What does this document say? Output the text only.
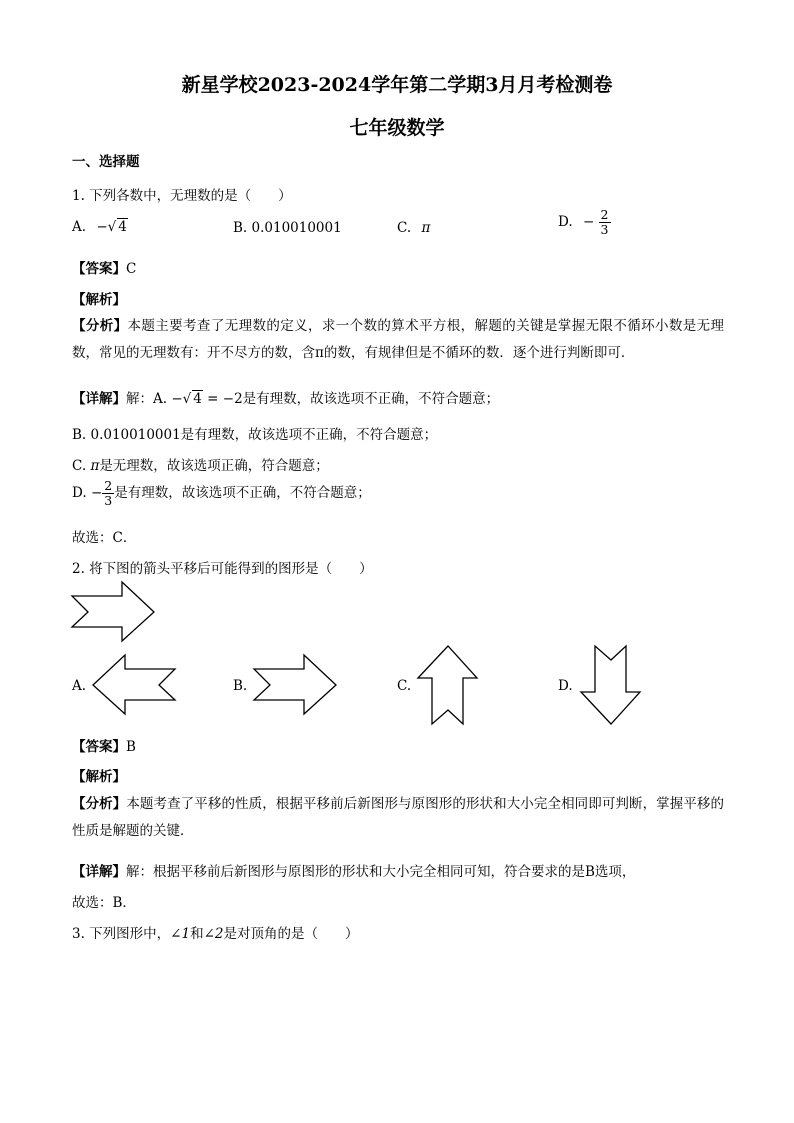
新星学校2023-2024学年第二学期3月月考检测卷
七年级数学
一、选择题
1. 下列各数中，无理数的是（　　）
A. −√ 4	B. 0.010010001	C. π	D. − $\frac{2}{3}$
【答案】C
【解析】
【分析】本题主要考查了无理数的定义，求一个数的算术平方根，解题的关键是掌握无限不循环小数是无理数，常见的无理数有：开不尽方的数，含π的数，有规律但是不循环的数．逐个进行判断即可．
【详解】解：A. −√ 4 = −2是有理数，故该选项不正确，不符合题意；
B. 0.010010001是有理数，故该选项不正确，不符合题意；
C. π是无理数，故该选项正确，符合题意；
D. − $\frac{2}{3}$ 是有理数，故该选项不正确，不符合题意；
故选：C．
2. 将下图的箭头平移后可能得到的图形是（　　）
A.	B.	C.	D.
【答案】B
【解析】
【分析】本题考查了平移的性质，根据平移前后新图形与原图形的形状和大小完全相同即可判断，掌握平移的性质是解题的关键．
【详解】解：根据平移前后新图形与原图形的形状和大小完全相同可知，符合要求的是B选项，
故选：B．
3. 下列图形中，∠1和∠2是对顶角的是（　　）
